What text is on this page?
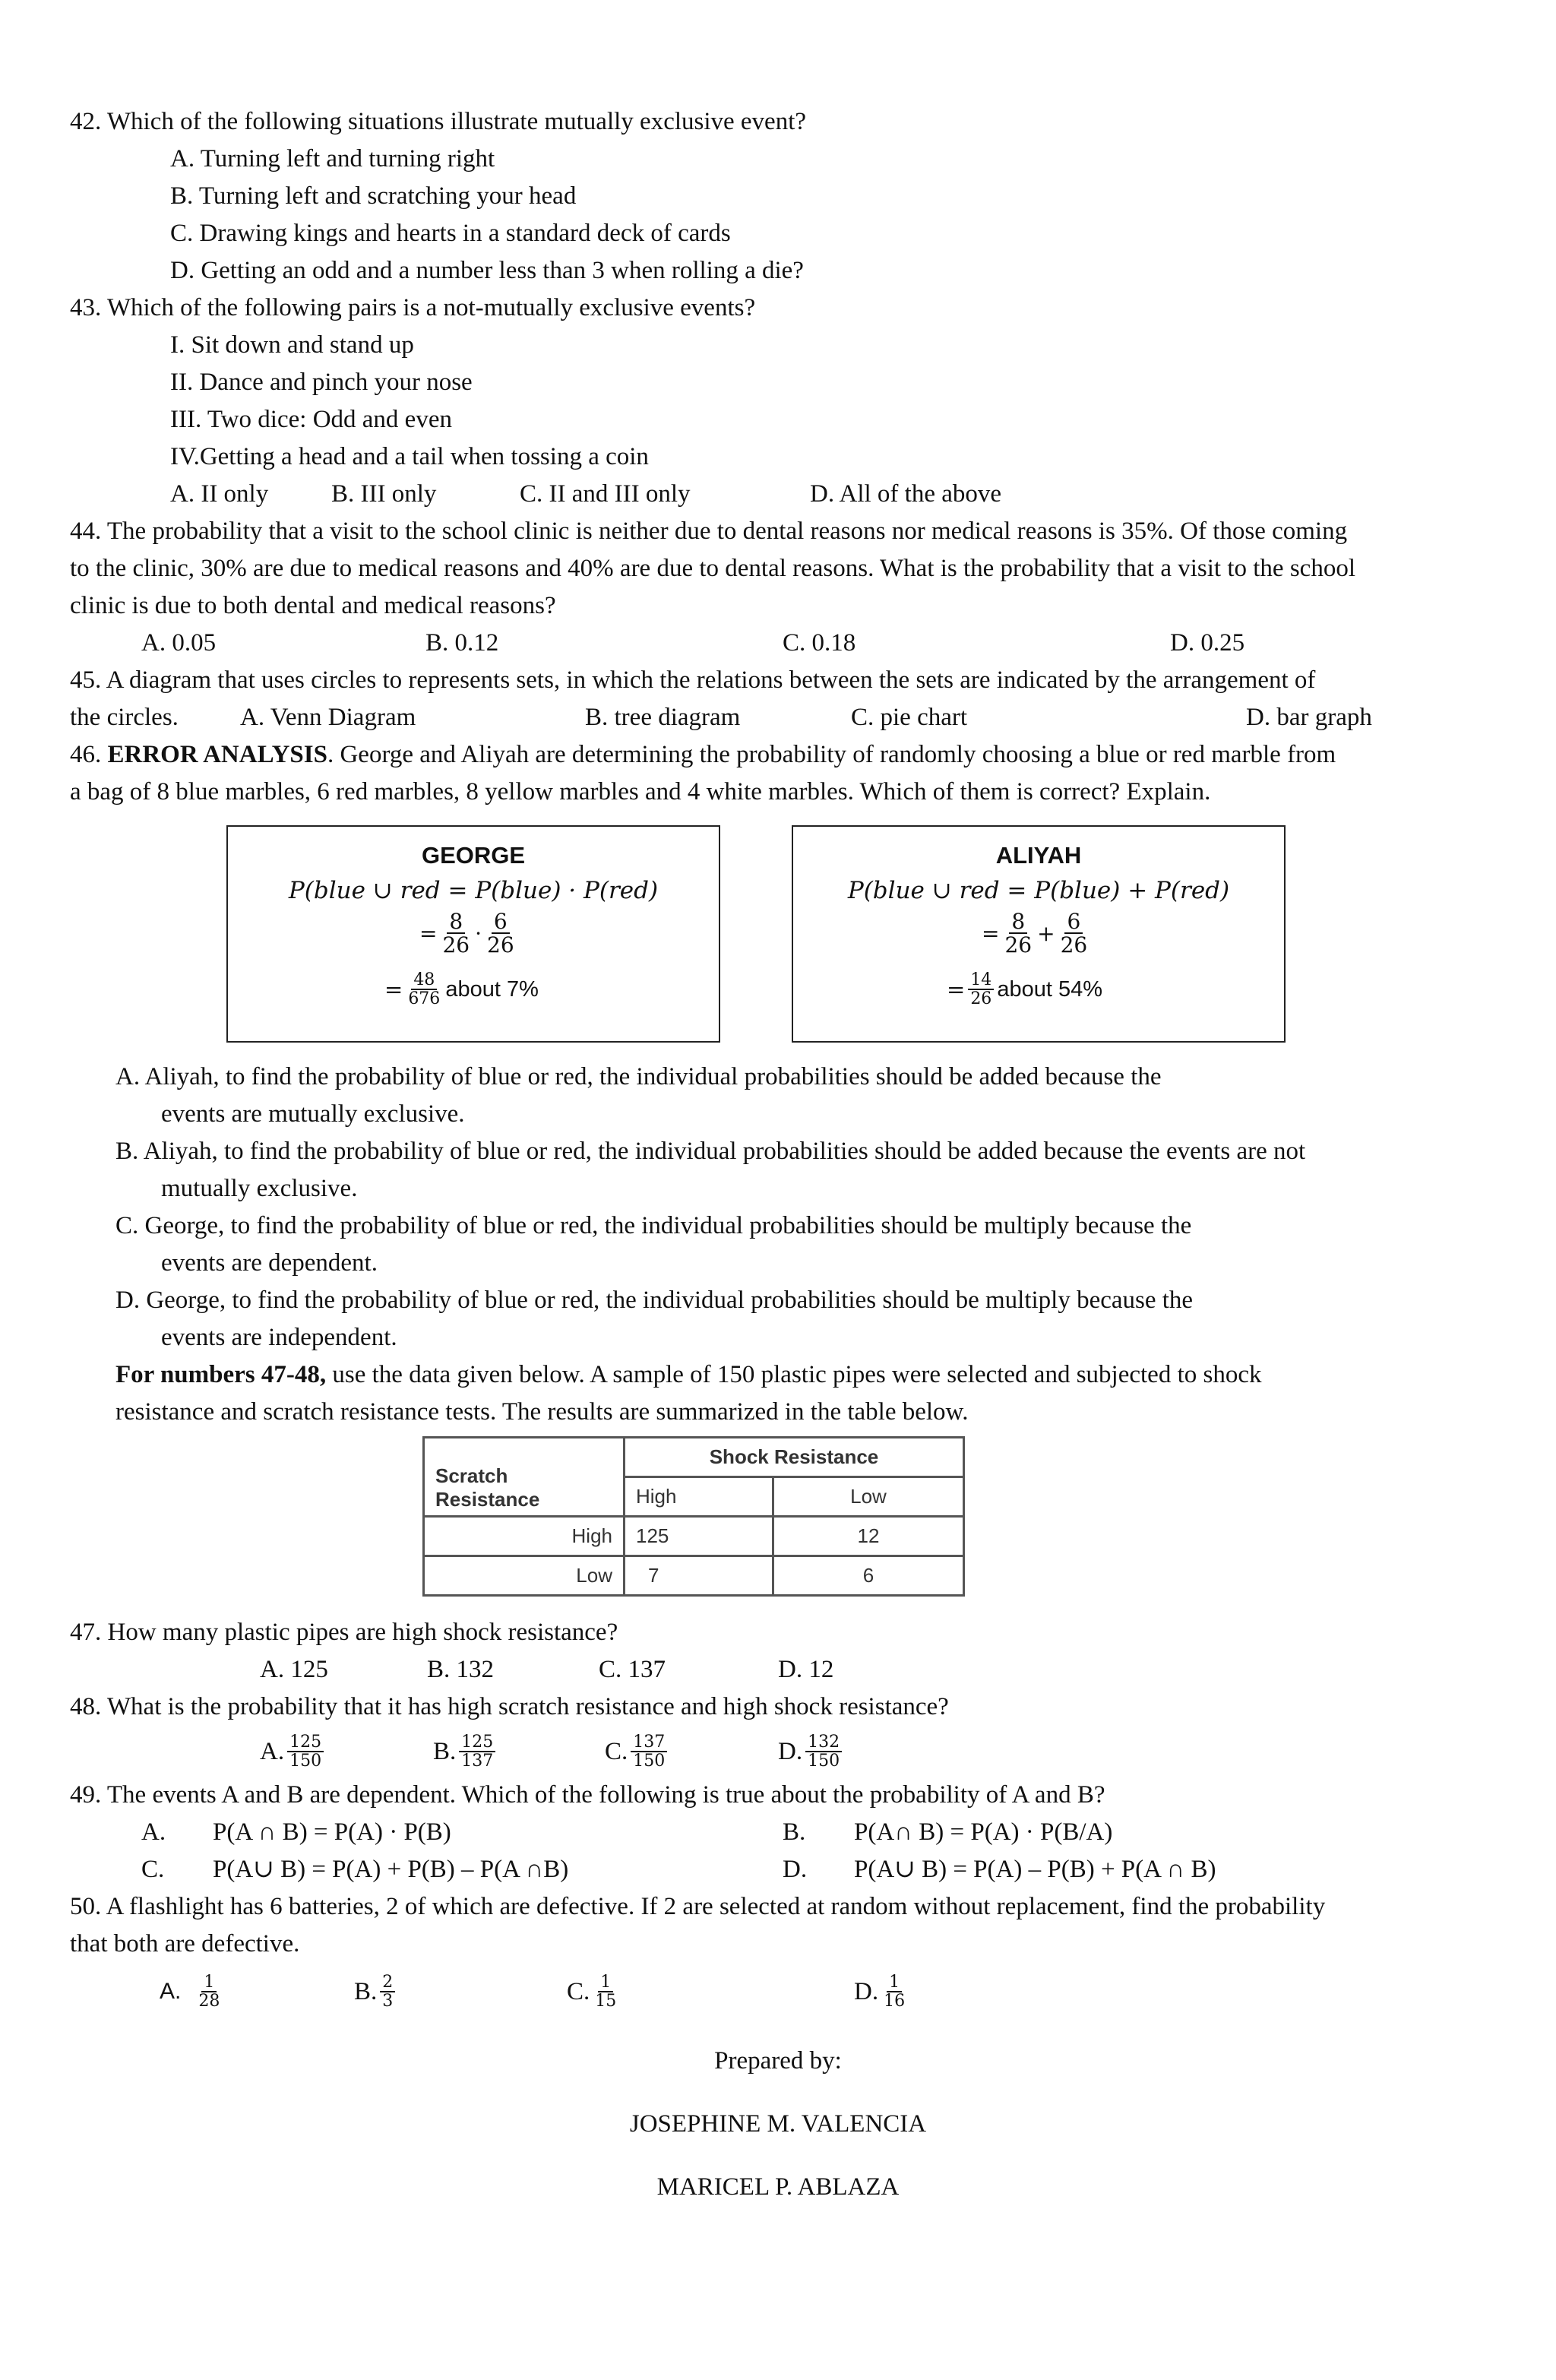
42. Which of the following situations illustrate mutually exclusive event?
A. Turning left and turning right
B. Turning left and scratching your head
C. Drawing kings and hearts in a standard deck of cards
D. Getting an odd and a number less than 3 when rolling a die?
43. Which of the following pairs is a not-mutually exclusive events?
I. Sit down and stand up
II. Dance and pinch your nose
III. Two dice: Odd and even
IV.Getting a head and a tail when tossing a coin
A. II only	B. III only	C. II and III only	D. All of the above
44. The probability that a visit to the school clinic is neither due to dental reasons nor medical reasons is 35%. Of those coming
to the clinic, 30% are due to medical reasons and 40% are due to dental reasons. What is the probability that a visit to the school
clinic is due to both dental and medical reasons?
A. 0.05	B. 0.12	C. 0.18	D. 0.25
45. A diagram that uses circles to represents sets, in which the relations between the sets are indicated by the arrangement of
the circles. A. Venn Diagram	B. tree diagram	C. pie chart	D. bar graph
46. ERROR ANALYSIS. George and Aliyah are determining the probability of randomly choosing a blue or red marble from
a bag of 8 blue marbles, 6 red marbles, 8 yellow marbles and 4 white marbles. Which of them is correct? Explain.
GEORGE
P(blue ∪ red = P(blue) · P(red)
= $\frac{8}{26} \cdot \frac{6}{26}$
= $\frac{48}{676}$ about 7%
ALIYAH
P(blue ∪ red = P(blue) + P(red)
= $\frac{8}{26} + \frac{6}{26}$
= $\frac{14}{26}$ about 54%
A. Aliyah, to find the probability of blue or red, the individual probabilities should be added because the
events are mutually exclusive.
B. Aliyah, to find the probability of blue or red, the individual probabilities should be added because the events are not
mutually exclusive.
C. George, to find the probability of blue or red, the individual probabilities should be multiply because the
events are dependent.
D. George, to find the probability of blue or red, the individual probabilities should be multiply because the
events are independent.
For numbers 47-48, use the data given below. A sample of 150 plastic pipes were selected and subjected to shock
resistance and scratch resistance tests. The results are summarized in the table below.
Scratch Resistance	Shock Resistance	
	High	Low
High	125	12
Low	7	6
47. How many plastic pipes are high shock resistance?
A. 125	B. 132	C. 137	D. 12
48. What is the probability that it has high scratch resistance and high shock resistance?
A. $\frac{125}{150}$	B. $\frac{125}{137}$	C. $\frac{137}{150}$	D. $\frac{132}{150}$
49. The events A and B are dependent. Which of the following is true about the probability of A and B?
A. P(A ∩ B) = P(A) · P(B)	B. P(A∩ B) = P(A) · P(B/A)
C. P(A∪ B) = P(A) + P(B) – P(A ∩B)	D. P(A∪ B) = P(A) – P(B) + P(A ∩ B)
50. A flashlight has 6 batteries, 2 of which are defective. If 2 are selected at random without replacement, find the probability
that both are defective.
A. $\frac{1}{28}$	B. $\frac{2}{3}$	C. $\frac{1}{15}$	D. $\frac{1}{16}$
Prepared by:
JOSEPHINE M. VALENCIA
MARICEL P. ABLAZA
